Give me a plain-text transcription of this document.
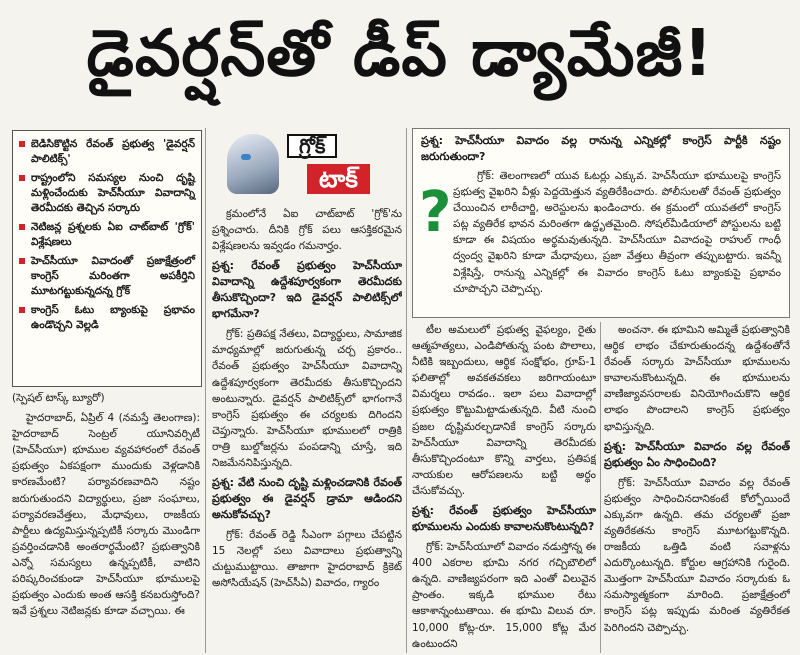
డైవర్షన్‌తో డీప్ డ్యామేజీ!
బెడిసికొట్టిన రేవంత్ ప్రభుత్వ 'డైవర్షన్ పాలిటిక్స్'
రాష్ట్రంలోని సమస్యల నుంచి దృష్టి మళ్లించేందుకు హెచ్‌సీయూ వివాదాన్ని తెరమీదకు తెచ్చిన సర్కారు
నెటిజన్ల ప్రశ్నలకు ఏఐ చాట్‌బాట్ 'గ్రోక్' విశ్లేషణలు
హెచ్‌సీయూ వివాదంతో ప్రజాక్షేత్రంలో కాంగ్రెస్ మరింతగా అపకీర్తిని మూటగట్టుకున్నదన్న గ్రోక్
కాంగ్రెస్ ఓటు బ్యాంకుపై ప్రభావం ఉండొచ్చని వెల్లడి

(స్పెషల్ టాస్క్ బ్యూరో)

హైదరాబాద్, ఏప్రిల్ 4 (నమస్తే తెలంగాణ): హైదరాబాద్ సెంట్రల్ యూనివర్సిటీ (హెచ్‌సీయూ) భూముల వ్యవహారంలో రేవంత్ ప్రభుత్వం ఏకపక్షంగా ముందుకు వెళ్లడానికి కారణమేంటి? పర్యావరణవాదిని నష్టం జరుగుతుందని విద్యార్థులు, ప్రజా సంఘాలు, పర్యావరణవేత్తలు, మేధావులు, రాజకీయ పార్టీలు ఉద్యమిస్తున్నప్పటికీ సర్కారు మొండిగా ప్రవర్తించడానికి అంతరార్థమేంటి? ప్రభుత్వానికి ఎన్నో సమస్యలు ఉన్నప్పటికీ, వాటిని పరిష్కరించకుండా హెచ్‌సీయూ భూములపై ప్రభుత్వం ఎందుకు అంత ఆసక్తి కనబరుస్తోంది? ఇవే ప్రశ్నలు నెటిజన్లకు కూడా వచ్చాయి. ఈ

గ్రోక్
టాక్

క్రమంలోనే ఏఐ చాట్‌బాట్ 'గ్రోక్'ను ప్రశ్నించారు. దీనికి గ్రోక్ పలు ఆసక్తికరమైన విశ్లేషణలను ఇవ్వడం గమనార్హం.

ప్రశ్న: రేవంత్ ప్రభుత్వం హెచ్‌సీయూ వివాదాన్ని ఉద్దేశపూర్వకంగా తెరమీదకు తీసుకొచ్చిందా? ఇది డైవర్షన్ పాలిటిక్స్‌లో భాగమేనా?

గ్రోక్: ప్రతిపక్ష నేతలు, విద్యార్థులు, సామాజిక మాధ్యమాల్లో జరుగుతున్న చర్చ ప్రకారం.. రేవంత్ ప్రభుత్వం హెచ్‌సీయూ వివాదాన్ని ఉద్దేశపూర్వకంగా తెరమీదకు తీసుకొచ్చిందని అంటున్నారు. డైవర్షన్ పాలిటిక్స్‌లో భాగంగానే కాంగ్రెస్ ప్రభుత్వం ఈ చర్యలకు దిగిందని చెప్తున్నారు. హెచ్‌సీయూ భూములలో రాత్రికి రాత్రి బుల్డోజర్లను పంపడాన్ని చూస్తే, ఇది నిజమేననిపిస్తున్నది.

ప్రశ్న: వేటి నుంచి దృష్టి మళ్లించడానికి రేవంత్ ప్రభుత్వం ఈ డైవర్షన్ డ్రామా ఆడిందని అనుకోవచ్చు?

గ్రోక్: రేవంత్ రెడ్డి సీఎంగా పగ్గాలు చేపట్టిన 15 నెలల్లో పలు వివాదాలు ప్రభుత్వాన్ని చుట్టుముట్టాయి. తాజాగా హైదరాబాద్ క్రికెట్ అసోసియేషన్ (హెచ్‌సీఏ) వివాదం, గ్యారం

ప్రశ్న: హెచ్‌సీయూ వివాదం వల్ల రానున్న ఎన్నికల్లో కాంగ్రెస్ పార్టీకి నష్టం జరుగుతుందా?
?

గ్రోక్: తెలంగాణలో యువ ఓటర్లు ఎక్కువ. హెచ్‌సీయూ భూములపై కాంగ్రెస్ ప్రభుత్వ వైఖరిని వీళ్లు పెద్దయెత్తున వ్యతిరేకించారు. పోలీసులతో రేవంత్ ప్రభుత్వం చేయించిన లాఠీచార్జి, అరెస్టులను ఖండించారు. ఈ క్రమంలో యువతలో కాంగ్రెస్ పట్ల వ్యతిరేక భావన మరింతగా ఉద్ధృతమైంది. సోషల్‌మీడియాలో పోస్టులను బట్టి కూడా ఈ విషయం అర్థమవుతున్నది. హెచ్‌సీయూ వివాదంపై రాహుల్ గాంధీ ద్వంద్వ వైఖరిని కూడా మేధావులు, ప్రజా వేత్తలు తీవ్రంగా తప్పుబట్టారు. ఇవన్నీ విశ్లేషిస్తే, రానున్న ఎన్నికల్లో ఈ వివాదం కాంగ్రెస్ ఓటు బ్యాంకుపై ప్రభావం చూపొచ్చని చెప్పొచ్చు.

టీల అమలులో ప్రభుత్వ వైఫల్యం, రైతు ఆత్మహత్యలు, ఎండిపోతున్న పంట పొలాలు, నీటికి ఇబ్బందులు, ఆర్థిక సంక్షోభం, గ్రూప్-1 ఫలితాల్లో అవకతవకలు జరిగాయంటూ విమర్శలు రావడం.. ఇలా పలు వివాదాల్లో ప్రభుత్వం కొట్టుమిట్టాడుతున్నది. వీటి నుంచి ప్రజల దృష్టిమరల్చడానికే కాంగ్రెస్ సర్కారు హెచ్‌సీయూ వివాదాన్ని తెరమీదకు తీసుకొచ్చిందంటూ కొన్ని వార్తలు, ప్రతిపక్ష నాయకుల ఆరోపణలను బట్టి అర్థం చేసుకోవచ్చు.

ప్రశ్న: రేవంత్ ప్రభుత్వం హెచ్‌సీయూ భూములను ఎందుకు కావాలనుకొంటున్నది?

గ్రోక్: హెచ్‌సీయూలో వివాదం నడుస్తోన్న ఈ 400 ఎకరాల భూమి నగర గచ్చిబౌలిలో ఉన్నది. వాణిజ్యపరంగా ఇది ఎంతో విలువైన ప్రాంతం. ఇక్కడి భూముల రేటు ఆకాశాన్నంటుతాయి. ఈ భూమి విలువ రూ. 10,000 కోట్ల-రూ. 15,000 కోట్ల మేర ఉంటుందని

అంచనా. ఈ భూమిని అమ్మితే ప్రభుత్వానికి ఆర్థిక లాభం చేకూరుతుందన్న ఉద్దేశంతోనే రేవంత్ సర్కారు హెచ్‌సీయూ భూములను కావాలనుకొంటున్నది. ఈ భూములను వాణిజ్యావసరాలకు వినియోగించుకొని ఆర్థిక లాభం పొందాలని కాంగ్రెస్ ప్రభుత్వం భావిస్తున్నది.

ప్రశ్న: హెచ్‌సీయూ వివాదం వల్ల రేవంత్ ప్రభుత్వం ఏం సాధించింది?

గ్రోక్: హెచ్‌సీయూ వివాదం వల్ల రేవంత్ ప్రభుత్వం సాధించినదానికంటే కోల్పోయిందే ఎక్కువగా ఉన్నది. తమ చర్యలతో ప్రజా వ్యతిరేకతను కాంగ్రెస్ మూటగట్టుకొన్నది. రాజకీయ ఒత్తిడి వంటి సవాళ్లను ఎదుర్కొంటున్నది. కోర్టుల ఆగ్రహానికి గురైంది. మొత్తంగా హెచ్‌సీయూ వివాదం సర్కారుకు ఓ సమస్యాత్మకంగా మారింది. ప్రజాక్షేత్రంలో కాంగ్రెస్ పట్ల ఇప్పుడు మరింత వ్యతిరేకత పెరిగిందని చెప్పొచ్చు.
